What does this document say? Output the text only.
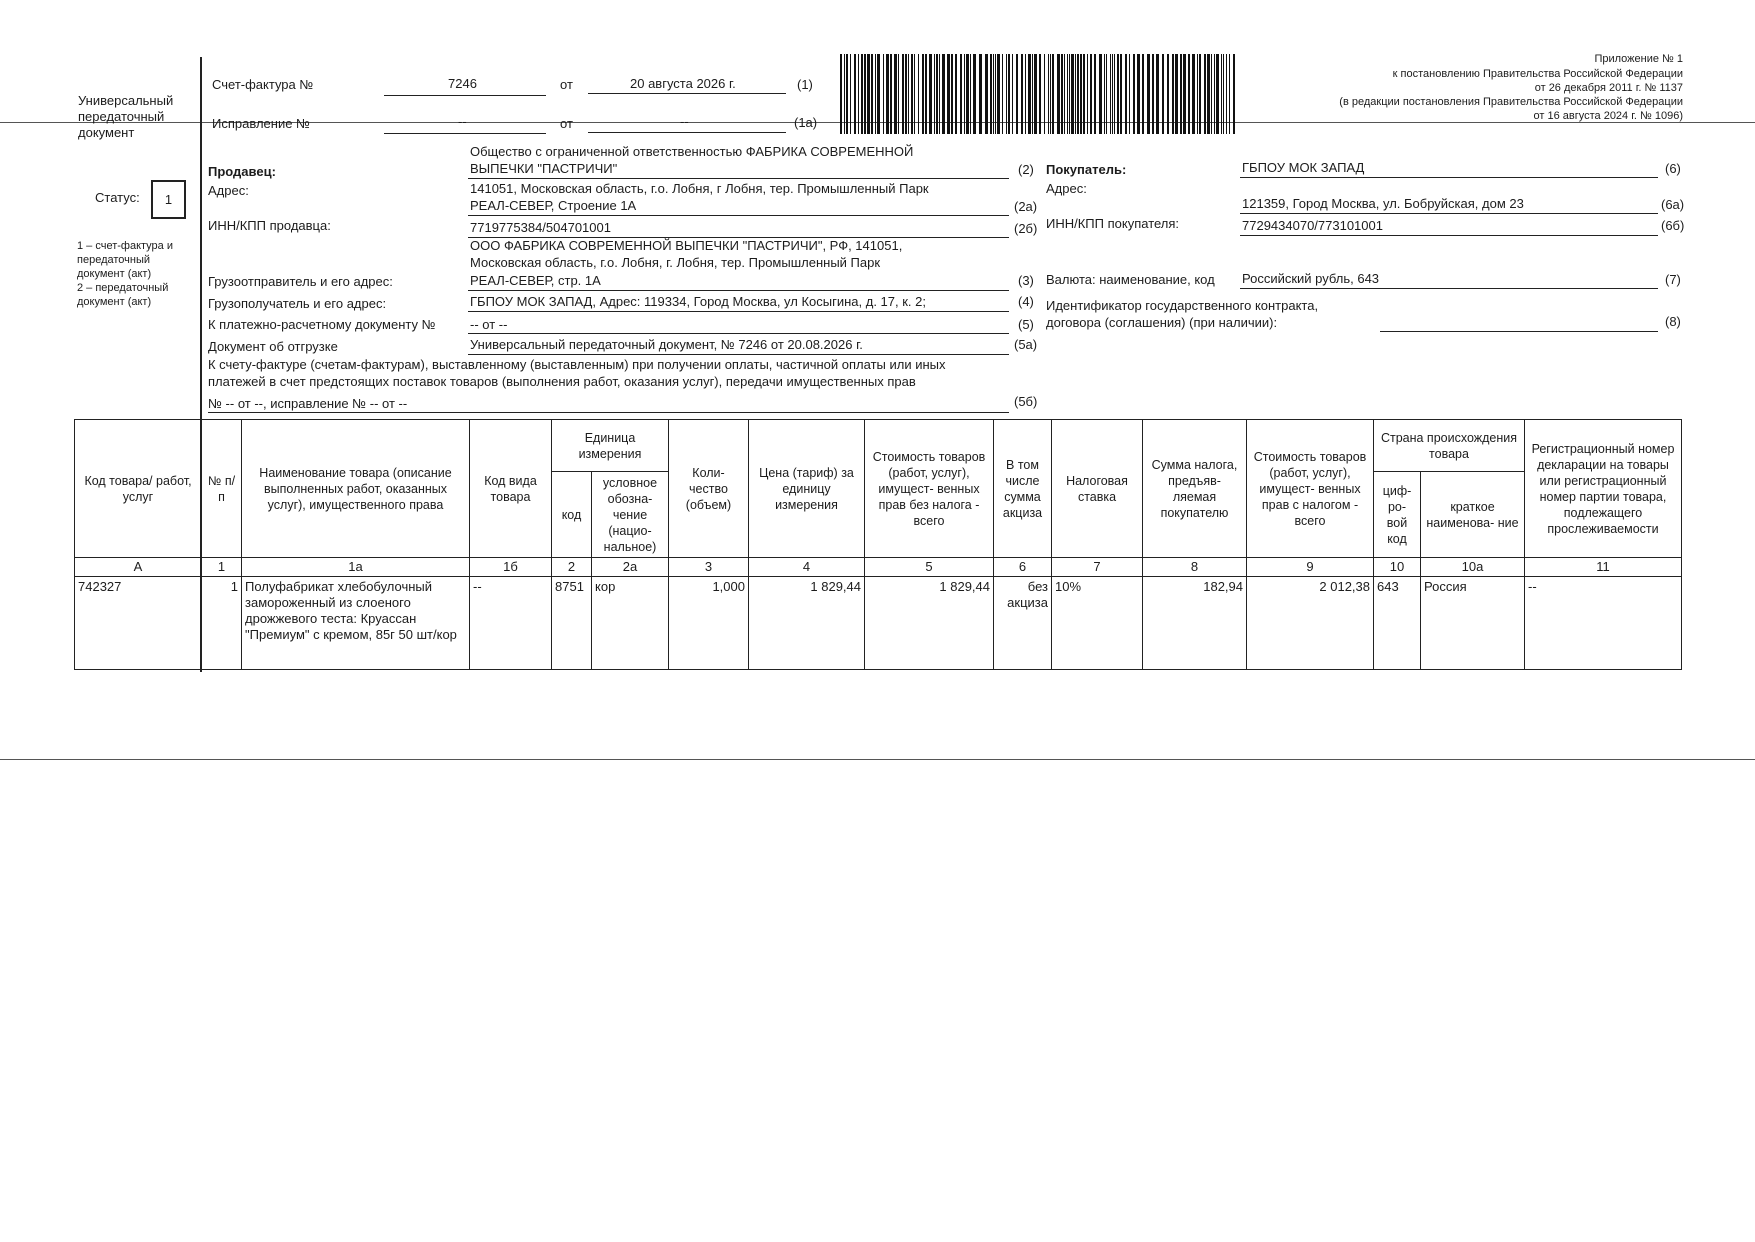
Универсальный передаточный документ
Счет-фактура №	7246	от	20 августа 2026 г.	(1)
Исправление №	--	от	--	(1а)
Приложение № 1
к постановлению Правительства Российской Федерации
от 26 декабря 2011 г. № 1137
(в редакции постановления Правительства Российской Федерации
от 16 августа 2024 г. № 1096)
Статус:	1
1 – счет-фактура и передаточный документ (акт)
2 – передаточный документ (акт)
Общество с ограниченной ответственностью ФАБРИКА СОВРЕМЕННОЙ
Продавец:	ВЫПЕЧКИ "ПАСТРИЧИ"	(2)
Адрес:	141051, Московская область, г.о. Лобня, г Лобня, тер. Промышленный Парк
РЕАЛ-СЕВЕР, Строение 1А	(2а)
ИНН/КПП продавца:	7719775384/504701001	(2б)
ООО ФАБРИКА СОВРЕМЕННОЙ ВЫПЕЧКИ "ПАСТРИЧИ", РФ, 141051,
Московская область, г.о. Лобня, г. Лобня, тер. Промышленный Парк
Грузоотправитель и его адрес:	РЕАЛ-СЕВЕР, стр. 1А	(3)
Грузополучатель и его адрес:	ГБПОУ МОК ЗАПАД, Адрес: 119334, Город Москва, ул Косыгина, д. 17, к. 2;	(4)
К платежно-расчетному документу №	-- от --	(5)
Документ об отгрузке	Универсальный передаточный документ, № 7246 от 20.08.2026 г.	(5а)
К счету-фактуре (счетам-фактурам), выставленному (выставленным) при получении оплаты, частичной оплаты или иных
платежей в счет предстоящих поставок товаров (выполнения работ, оказания услуг), передачи имущественных прав
№ -- от --, исправление № -- от --	(5б)
Покупатель:	ГБПОУ МОК ЗАПАД	(6)
Адрес:
121359, Город Москва, ул. Бобруйская, дом 23	(6а)
ИНН/КПП покупателя:	7729434070/773101001	(6б)
Валюта: наименование, код Российский рубль, 643	(7)
Идентификатор государственного контракта,
договора (соглашения) (при наличии):	(8)
Код товара/ работ, услуг	№ п/п	Наименование товара (описание выполненных работ, оказанных услуг), имущественного права	Код вида товара	Единица измерения		Коли- чество (объем)	Цена (тариф) за единицу измерения	Стоимость товаров (работ, услуг), имущест- венных прав без налога - всего	В том числе сумма акциза	Налоговая ставка	Сумма налога, предъяв- ляемая покупателю	Стоимость товаров (работ, услуг), имущест- венных прав с налогом - всего	Страна происхождения товара		Регистрационный номер декларации на товары или регистрационный номер партии товара, подлежащего прослеживаемости
				код	условное обозна- чение (нацио- нальное)								циф- ро- вой код	краткое наименова- ние	
А	1	1а	1б	2	2а	3	4	5	6	7	8	9	10	10а	11
742327	1	Полуфабрикат хлебобулочный замороженный из слоеного дрожжевого теста: Круассан "Премиум" с кремом, 85г 50 шт/кор	--	8751	кор	1,000	1 829,44	1 829,44	без акциза	10%	182,94	2 012,38	643	Россия	--
